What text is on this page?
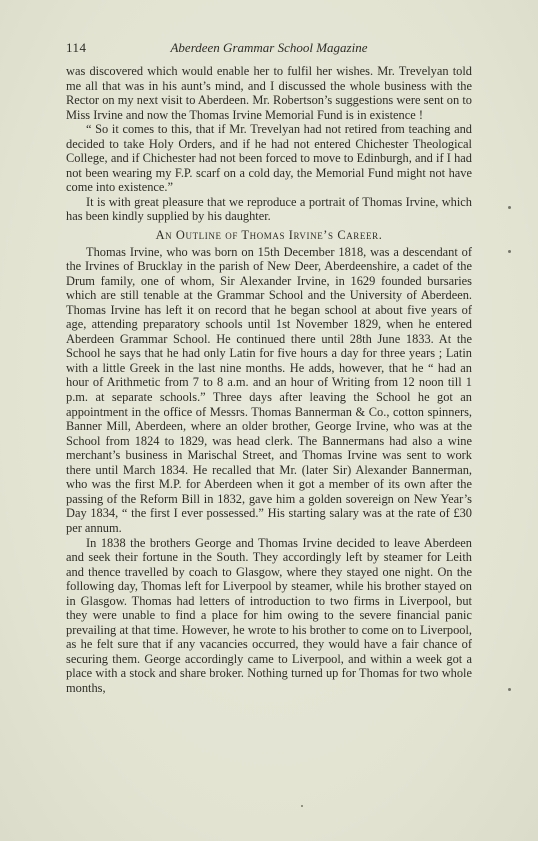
114	Aberdeen Grammar School Magazine

was discovered which would enable her to fulfil her wishes. Mr. Trevelyan told me all that was in his aunt’s mind, and I discussed the whole business with the Rector on my next visit to Aberdeen. Mr. Robertson’s suggestions were sent on to Miss Irvine and now the Thomas Irvine Memorial Fund is in existence !

“ So it comes to this, that if Mr. Trevelyan had not retired from teaching and decided to take Holy Orders, and if he had not entered Chichester Theological College, and if Chichester had not been forced to move to Edinburgh, and if I had not been wearing my F.P. scarf on a cold day, the Memorial Fund might not have come into existence.”

It is with great pleasure that we reproduce a portrait of Thomas Irvine, which has been kindly supplied by his daughter.

An Outline of Thomas Irvine’s Career.

Thomas Irvine, who was born on 15th December 1818, was a descendant of the Irvines of Brucklay in the parish of New Deer, Aberdeenshire, a cadet of the Drum family, one of whom, Sir Alexander Irvine, in 1629 founded bursaries which are still tenable at the Grammar School and the University of Aberdeen. Thomas Irvine has left it on record that he began school at about five years of age, attending preparatory schools until 1st November 1829, when he entered Aberdeen Grammar School. He continued there until 28th June 1833. At the School he says that he had only Latin for five hours a day for three years ; Latin with a little Greek in the last nine months. He adds, however, that he “ had an hour of Arithmetic from 7 to 8 a.m. and an hour of Writing from 12 noon till 1 p.m. at separate schools.” Three days after leaving the School he got an appointment in the office of Messrs. Thomas Bannerman & Co., cotton spinners, Banner Mill, Aberdeen, where an older brother, George Irvine, who was at the School from 1824 to 1829, was head clerk. The Bannermans had also a wine merchant’s business in Marischal Street, and Thomas Irvine was sent to work there until March 1834. He recalled that Mr. (later Sir) Alexander Bannerman, who was the first M.P. for Aberdeen when it got a member of its own after the passing of the Reform Bill in 1832, gave him a golden sovereign on New Year’s Day 1834, “ the first I ever possessed.” His starting salary was at the rate of £30 per annum.

In 1838 the brothers George and Thomas Irvine decided to leave Aberdeen and seek their fortune in the South. They accordingly left by steamer for Leith and thence travelled by coach to Glasgow, where they stayed one night. On the following day, Thomas left for Liverpool by steamer, while his brother stayed on in Glasgow. Thomas had letters of introduction to two firms in Liverpool, but they were unable to find a place for him owing to the severe financial panic prevailing at that time. However, he wrote to his brother to come on to Liverpool, as he felt sure that if any vacancies occurred, they would have a fair chance of securing them. George accordingly came to Liverpool, and within a week got a place with a stock and share broker. Nothing turned up for Thomas for two whole months,
